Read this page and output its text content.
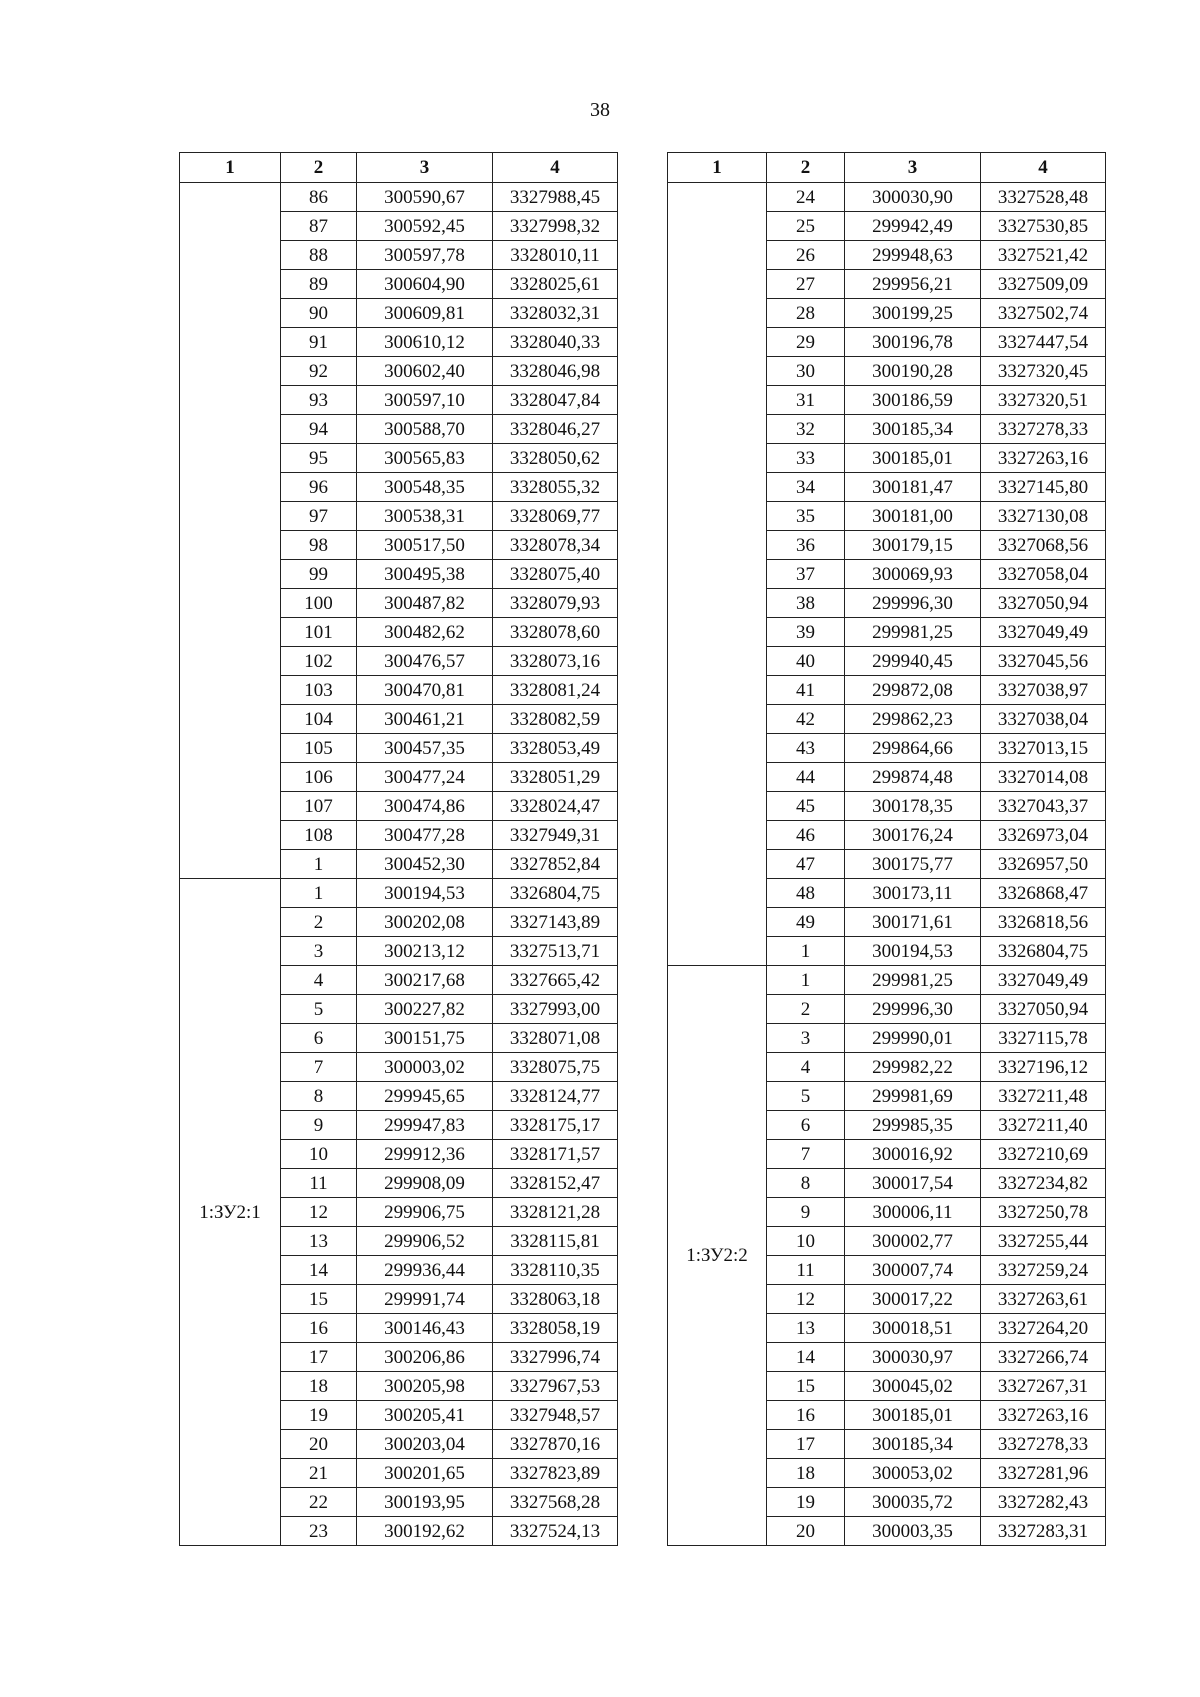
38
1	2	3	4
	86	300590,67	3327988,45
	87	300592,45	3327998,32
	88	300597,78	3328010,11
	89	300604,90	3328025,61
	90	300609,81	3328032,31
	91	300610,12	3328040,33
	92	300602,40	3328046,98
	93	300597,10	3328047,84
	94	300588,70	3328046,27
	95	300565,83	3328050,62
	96	300548,35	3328055,32
	97	300538,31	3328069,77
	98	300517,50	3328078,34
	99	300495,38	3328075,40
	100	300487,82	3328079,93
	101	300482,62	3328078,60
	102	300476,57	3328073,16
	103	300470,81	3328081,24
	104	300461,21	3328082,59
	105	300457,35	3328053,49
	106	300477,24	3328051,29
	107	300474,86	3328024,47
	108	300477,28	3327949,31
	1	300452,30	3327852,84
1:ЗУ2:1	1	300194,53	3326804,75
	2	300202,08	3327143,89
	3	300213,12	3327513,71
	4	300217,68	3327665,42
	5	300227,82	3327993,00
	6	300151,75	3328071,08
	7	300003,02	3328075,75
	8	299945,65	3328124,77
	9	299947,83	3328175,17
	10	299912,36	3328171,57
	11	299908,09	3328152,47
	12	299906,75	3328121,28
	13	299906,52	3328115,81
	14	299936,44	3328110,35
	15	299991,74	3328063,18
	16	300146,43	3328058,19
	17	300206,86	3327996,74
	18	300205,98	3327967,53
	19	300205,41	3327948,57
	20	300203,04	3327870,16
	21	300201,65	3327823,89
	22	300193,95	3327568,28
	23	300192,62	3327524,13
1	2	3	4
	24	300030,90	3327528,48
	25	299942,49	3327530,85
	26	299948,63	3327521,42
	27	299956,21	3327509,09
	28	300199,25	3327502,74
	29	300196,78	3327447,54
	30	300190,28	3327320,45
	31	300186,59	3327320,51
	32	300185,34	3327278,33
	33	300185,01	3327263,16
	34	300181,47	3327145,80
	35	300181,00	3327130,08
	36	300179,15	3327068,56
	37	300069,93	3327058,04
	38	299996,30	3327050,94
	39	299981,25	3327049,49
	40	299940,45	3327045,56
	41	299872,08	3327038,97
	42	299862,23	3327038,04
	43	299864,66	3327013,15
	44	299874,48	3327014,08
	45	300178,35	3327043,37
	46	300176,24	3326973,04
	47	300175,77	3326957,50
	48	300173,11	3326868,47
	49	300171,61	3326818,56
	1	300194,53	3326804,75
1:ЗУ2:2	1	299981,25	3327049,49
	2	299996,30	3327050,94
	3	299990,01	3327115,78
	4	299982,22	3327196,12
	5	299981,69	3327211,48
	6	299985,35	3327211,40
	7	300016,92	3327210,69
	8	300017,54	3327234,82
	9	300006,11	3327250,78
	10	300002,77	3327255,44
	11	300007,74	3327259,24
	12	300017,22	3327263,61
	13	300018,51	3327264,20
	14	300030,97	3327266,74
	15	300045,02	3327267,31
	16	300185,01	3327263,16
	17	300185,34	3327278,33
	18	300053,02	3327281,96
	19	300035,72	3327282,43
	20	300003,35	3327283,31
